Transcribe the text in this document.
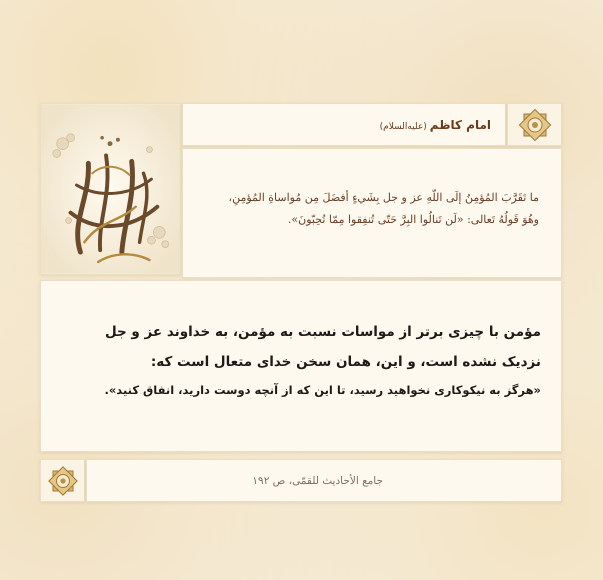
امام کاظم(علیه‌السلام)
ما تَقَرَّبَ المُؤمِنُ إلَى اللّهِ عز و جل بِشَيءٍ أفضَلَ مِن مُواساةِ المُؤمِنِ،
وهُوَ قَولُهُ تَعالى: «لَن تَنالُوا البِرَّ حَتّى تُنفِقوا مِمّا تُحِبّونَ».
مؤمن با چیزی برتر از مواسات نسبت به مؤمن، به خداوند عز و جل
نزدیک نشده است، و این، همان سخن خدای متعال است که:
«هرگز به نیکوکاری نخواهید رسید، تا این که از آنچه دوست دارید، انفاق کنید».
جامع الأحاديث للقمّی، ص ۱۹۲
